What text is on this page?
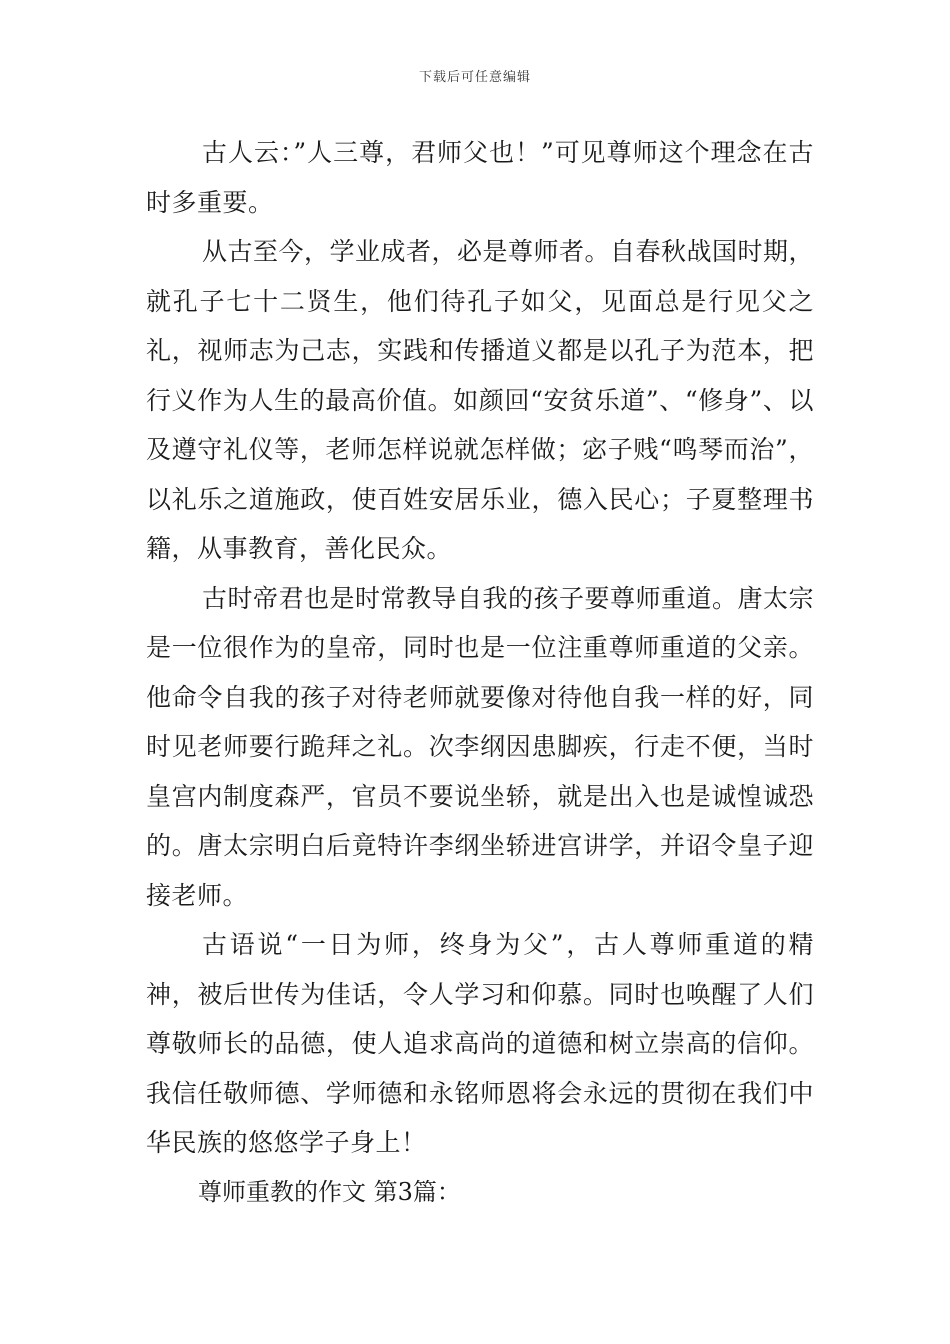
下载后可任意编辑

古人云：”人三尊，君师父也！”可见尊师这个理念在古时多重要。

从古至今，学业成者，必是尊师者。自春秋战国时期，就孔子七十二贤生，他们待孔子如父，见面总是行见父之礼，视师志为己志，实践和传播道义都是以孔子为范本，把行义作为人生的最高价值。如颜回“安贫乐道”、“修身”、以及遵守礼仪等，老师怎样说就怎样做；宓子贱“鸣琴而治”，以礼乐之道施政，使百姓安居乐业，德入民心；子夏整理书籍，从事教育，善化民众。

古时帝君也是时常教导自我的孩子要尊师重道。唐太宗是一位很作为的皇帝，同时也是一位注重尊师重道的父亲。他命令自我的孩子对待老师就要像对待他自我一样的好，同时见老师要行跪拜之礼。次李纲因患脚疾，行走不便，当时皇宫内制度森严，官员不要说坐轿，就是出入也是诚惶诚恐的。唐太宗明白后竟特许李纲坐轿进宫讲学，并诏令皇子迎接老师。

古语说“一日为师，终身为父”，古人尊师重道的精神，被后世传为佳话，令人学习和仰慕。同时也唤醒了人们尊敬师长的品德，使人追求高尚的道德和树立崇高的信仰。我信任敬师德、学师德和永铭师恩将会永远的贯彻在我们中华民族的悠悠学子身上！

尊师重教的作文 第3篇：
